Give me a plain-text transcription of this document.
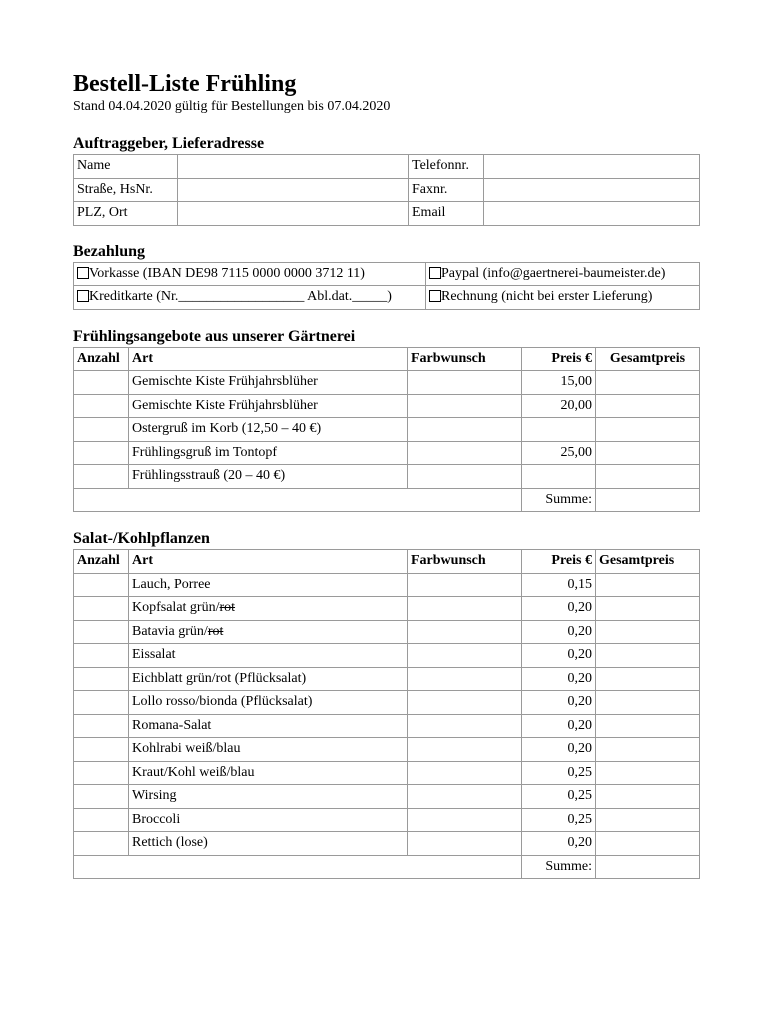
Bestell-Liste Frühling

Stand 04.04.2020 gültig für Bestellungen bis 07.04.2020

Auftraggeber, Lieferadresse
Name		Telefonnr.	
Straße, HsNr.		Faxnr.	
PLZ, Ort		Email	
Bezahlung
Vorkasse (IBAN DE98 7115 0000 0000 3712 11)	Paypal (info@gaertnerei-baumeister.de)
Kreditkarte (Nr.__________________ Abl.dat._____)	Rechnung (nicht bei erster Lieferung)
Frühlingsangebote aus unserer Gärtnerei
Anzahl	Art	Farbwunsch	Preis €	Gesamtpreis
	Gemischte Kiste Frühjahrsblüher		15,00	
	Gemischte Kiste Frühjahrsblüher		20,00	
	Ostergruß im Korb (12,50 – 40 €)			
	Frühlingsgruß im Tontopf		25,00	
	Frühlingsstrauß (20 – 40 €)			
			Summe:	
Salat-/Kohlpflanzen
Anzahl	Art	Farbwunsch	Preis €	Gesamtpreis
	Lauch, Porree		0,15	
	Kopfsalat grün/rot		0,20	
	Batavia grün/rot		0,20	
	Eissalat		0,20	
	Eichblatt grün/rot (Pflücksalat)		0,20	
	Lollo rosso/bionda (Pflücksalat)		0,20	
	Romana-Salat		0,20	
	Kohlrabi weiß/blau		0,20	
	Kraut/Kohl weiß/blau		0,25	
	Wirsing		0,25	
	Broccoli		0,25	
	Rettich (lose)		0,20	
			Summe:	
